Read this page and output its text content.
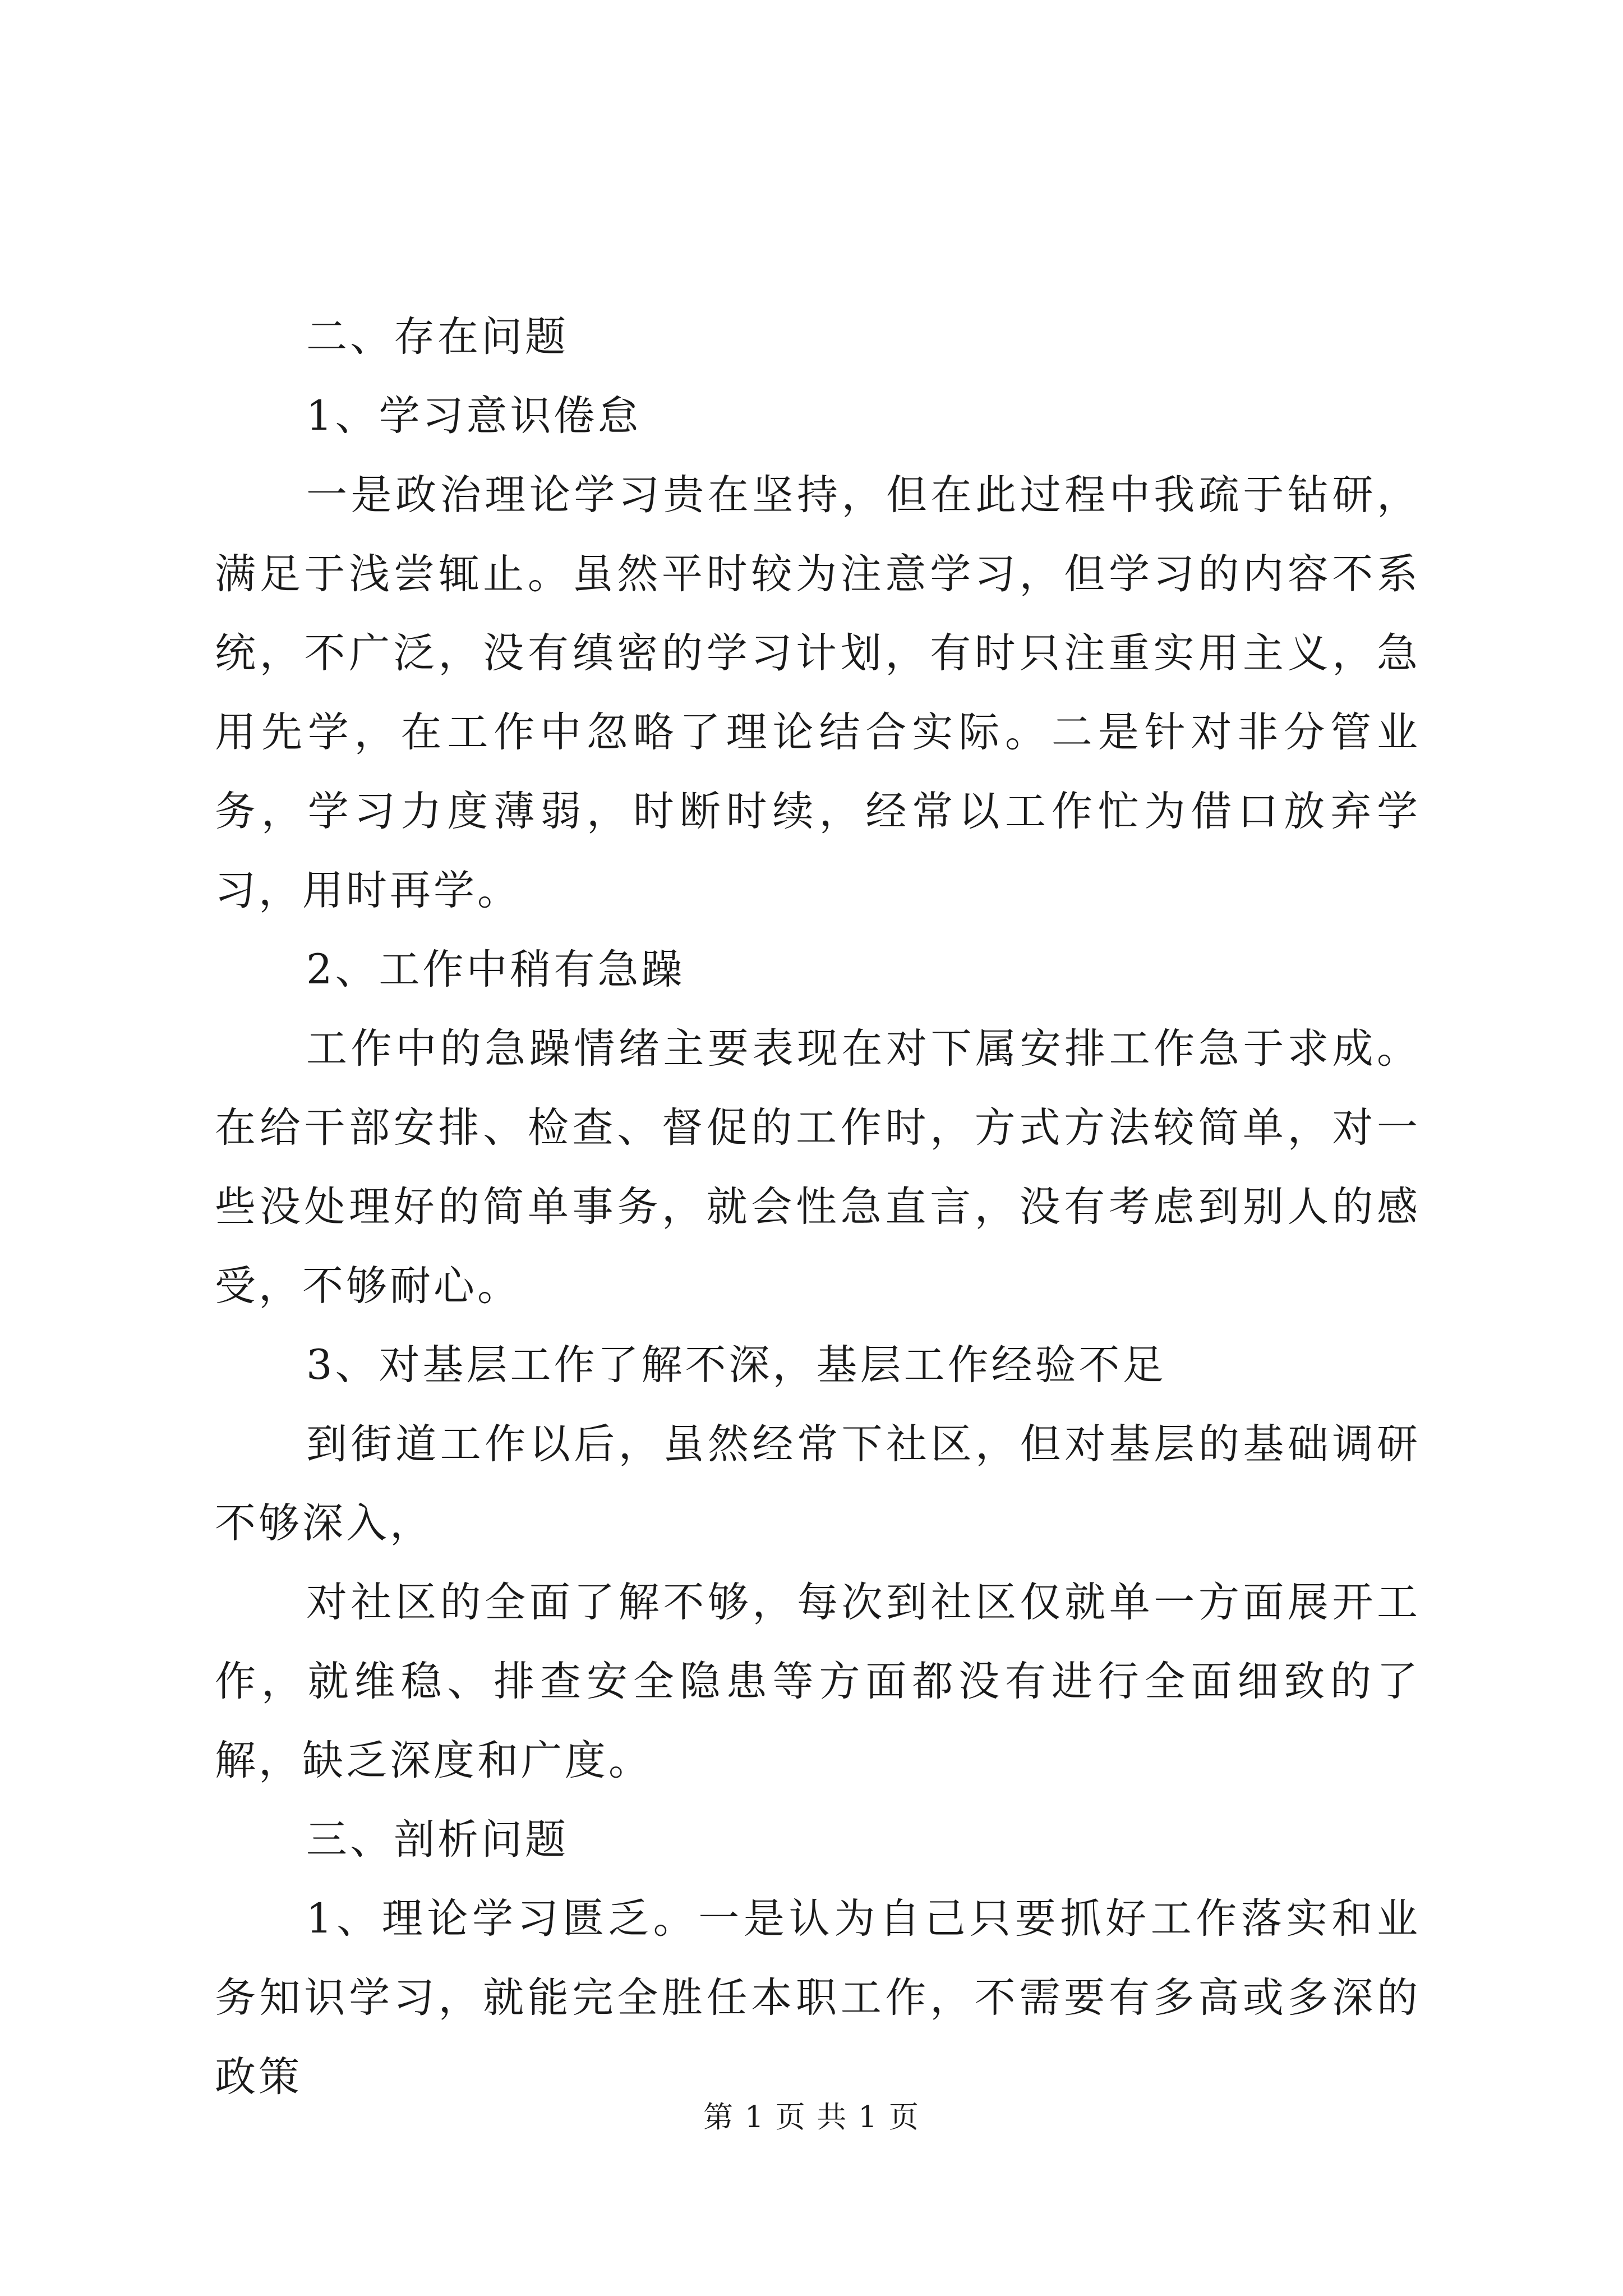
二、存在问题

1、学习意识倦怠

一是政治理论学习贵在坚持，但在此过程中我疏于钻研，满足于浅尝辄止。虽然平时较为注意学习，但学习的内容不系统，不广泛，没有缜密的学习计划，有时只注重实用主义，急用先学，在工作中忽略了理论结合实际。二是针对非分管业务，学习力度薄弱，时断时续，经常以工作忙为借口放弃学习，用时再学。

2、工作中稍有急躁

工作中的急躁情绪主要表现在对下属安排工作急于求成。在给干部安排、检查、督促的工作时，方式方法较简单，对一些没处理好的简单事务，就会性急直言，没有考虑到别人的感受，不够耐心。

3、对基层工作了解不深，基层工作经验不足

到街道工作以后，虽然经常下社区，但对基层的基础调研不够深入，

对社区的全面了解不够，每次到社区仅就单一方面展开工作，就维稳、排查安全隐患等方面都没有进行全面细致的了解，缺乏深度和广度。

三、剖析问题

1、理论学习匮乏。一是认为自己只要抓好工作落实和业务知识学习，就能完全胜任本职工作，不需要有多高或多深的政策

第 1 页 共 1 页
